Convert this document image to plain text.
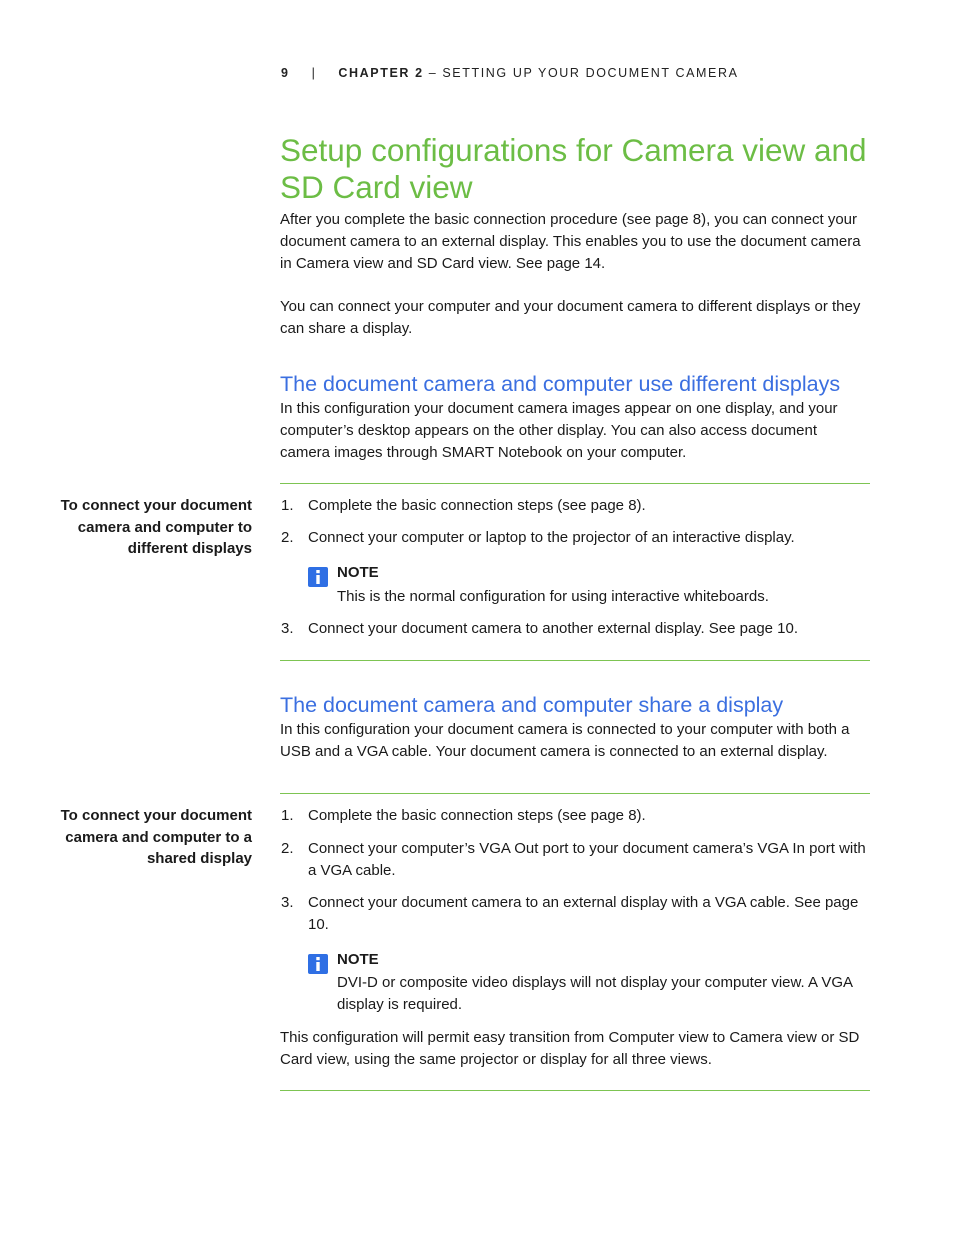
9 | CHAPTER 2 – SETTING UP YOUR DOCUMENT CAMERA
Setup configurations for Camera view and SD Card view
After you complete the basic connection procedure (see page 8), you can connect your document camera to an external display. This enables you to use the document camera in Camera view and SD Card view. See page 14.
You can connect your computer and your document camera to different displays or they can share a display.
The document camera and computer use different displays
In this configuration your document camera images appear on one display, and your computer’s desktop appears on the other display. You can also access document camera images through SMART Notebook on your computer.
To connect your document camera and computer to different displays
1. Complete the basic connection steps (see page 8).
2. Connect your computer or laptop to the projector of an interactive display.
NOTE
This is the normal configuration for using interactive whiteboards.
3. Connect your document camera to another external display. See page 10.
The document camera and computer share a display
In this configuration your document camera is connected to your computer with both a USB and a VGA cable. Your document camera is connected to an external display.
To connect your document camera and computer to a shared display
1. Complete the basic connection steps (see page 8).
2. Connect your computer’s VGA Out port to your document camera’s VGA In port with a VGA cable.
3. Connect your document camera to an external display with a VGA cable. See page 10.
NOTE
DVI-D or composite video displays will not display your computer view. A VGA display is required.
This configuration will permit easy transition from Computer view to Camera view or SD Card view, using the same projector or display for all three views.
